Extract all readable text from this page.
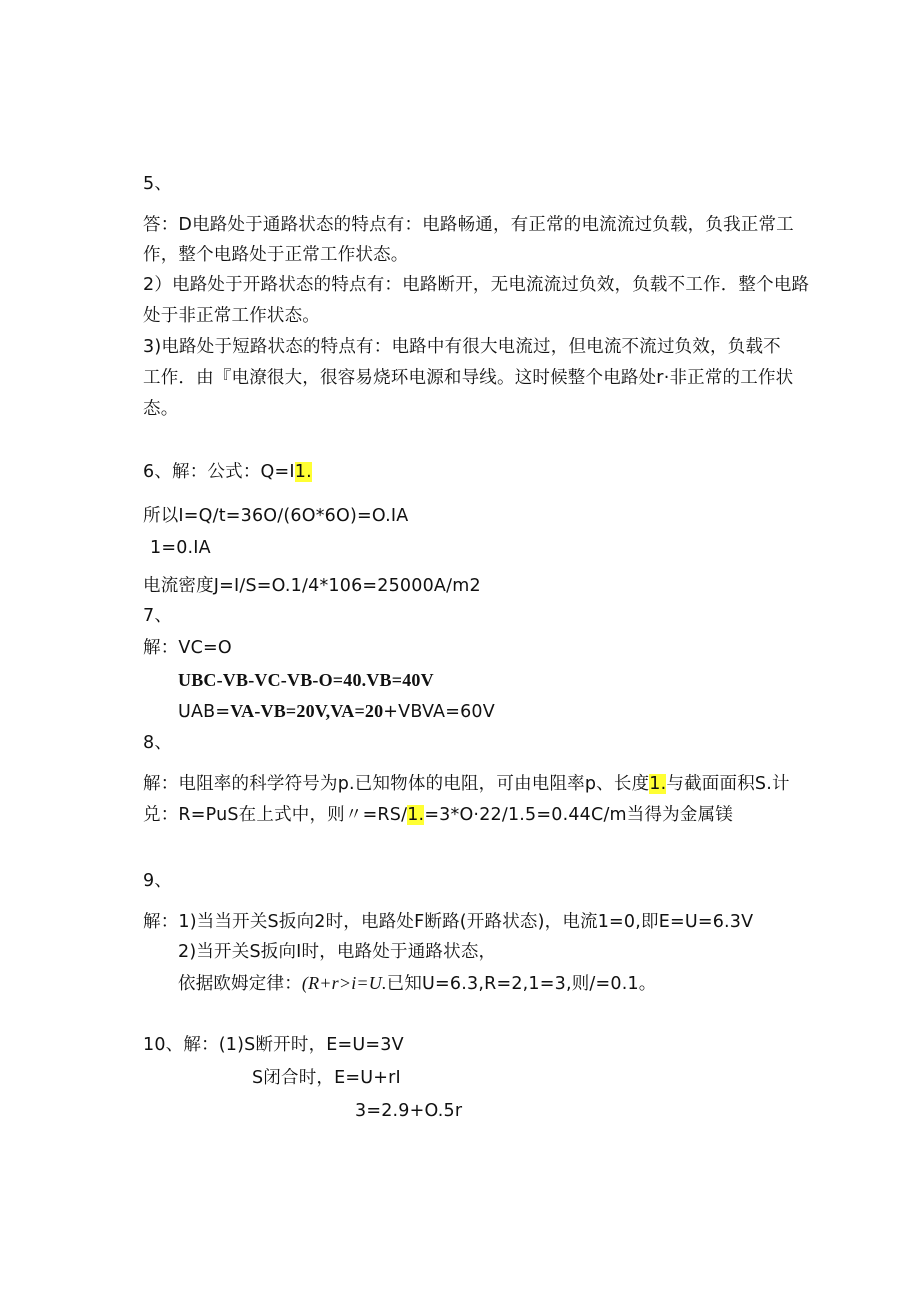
5、
答：D电路处于通路状态的特点有：电路畅通，有正常的电流流过负载，负我正常工
作，整个电路处于正常工作状态。
2）电路处于开路状态的特点有：电路断开，无电流流过负效，负载不工作．整个电路
处于非正常工作状态。
3)电路处于短路状态的特点有：电路中有很大电流过，但电流不流过负效，负载不
工作．由『电潦很大，很容易烧环电源和导线。这时候整个电路处r·非正常的工作状
态。
6、解：公式：Q=I1.
所以I=Q∕t=36O∕(6O*6O)=O.IA
1=0.IA
电流密度J=I∕S=O.1∕4*106=25000A∕m2
7、
解：VC=O
UBC-VB-VC-VB-O=40.VB=40V
UAB=VA-VB=20V,VA=20+VBVA=60V
8、
解：电阻率的科学符号为p.已知物体的电阻，可由电阻率p、长度1.与截面面积S.计
兑：R=PuS在上式中，则〃=RS∕1.=3*O·22∕1.5=0.44C/m当得为金属镁
9、
解：1)当当开关S扳向2时，电路处F断路(开路状态)，电流1=0,即E=U=6.3V
2)当开关S扳向I时，电路处于通路状态，
依据欧姆定律：(R+r>i=U.已知U=6.3,R=2,1=3,则/=0.1。
10、解：(1)S断开时，E=U=3V
S闭合时，E=U+rI
3=2.9+O.5r
